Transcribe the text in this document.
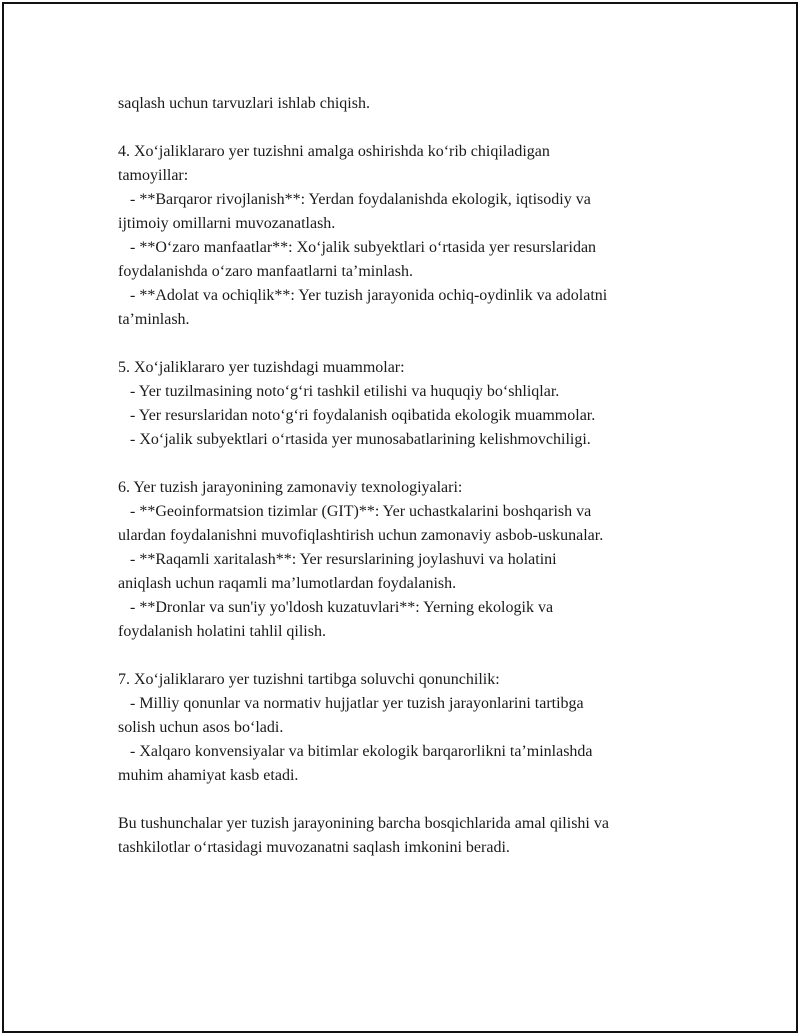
saqlash uchun tarvuzlari ishlab chiqish.
4. Xo‘jaliklararo yer tuzishni amalga oshirishda ko‘rib chiqiladigan
tamoyillar:
- **Barqaror rivojlanish**: Yerdan foydalanishda ekologik, iqtisodiy va
ijtimoiy omillarni muvozanatlash.
- **O‘zaro manfaatlar**: Xo‘jalik subyektlari o‘rtasida yer resurslaridan
foydalanishda o‘zaro manfaatlarni ta’minlash.
- **Adolat va ochiqlik**: Yer tuzish jarayonida ochiq-oydinlik va adolatni
ta’minlash.
5. Xo‘jaliklararo yer tuzishdagi muammolar:
- Yer tuzilmasining noto‘g‘ri tashkil etilishi va huquqiy bo‘shliqlar.
- Yer resurslaridan noto‘g‘ri foydalanish oqibatida ekologik muammolar.
- Xo‘jalik subyektlari o‘rtasida yer munosabatlarining kelishmovchiligi.
6. Yer tuzish jarayonining zamonaviy texnologiyalari:
- **Geoinformatsion tizimlar (GIT)**: Yer uchastkalarini boshqarish va
ulardan foydalanishni muvofiqlashtirish uchun zamonaviy asbob-uskunalar.
- **Raqamli xaritalash**: Yer resurslarining joylashuvi va holatini
aniqlash uchun raqamli ma’lumotlardan foydalanish.
- **Dronlar va sun'iy yo'ldosh kuzatuvlari**: Yerning ekologik va
foydalanish holatini tahlil qilish.
7. Xo‘jaliklararo yer tuzishni tartibga soluvchi qonunchilik:
- Milliy qonunlar va normativ hujjatlar yer tuzish jarayonlarini tartibga
solish uchun asos bo‘ladi.
- Xalqaro konvensiyalar va bitimlar ekologik barqarorlikni ta’minlashda
muhim ahamiyat kasb etadi.
Bu tushunchalar yer tuzish jarayonining barcha bosqichlarida amal qilishi va
tashkilotlar o‘rtasidagi muvozanatni saqlash imkonini beradi.
